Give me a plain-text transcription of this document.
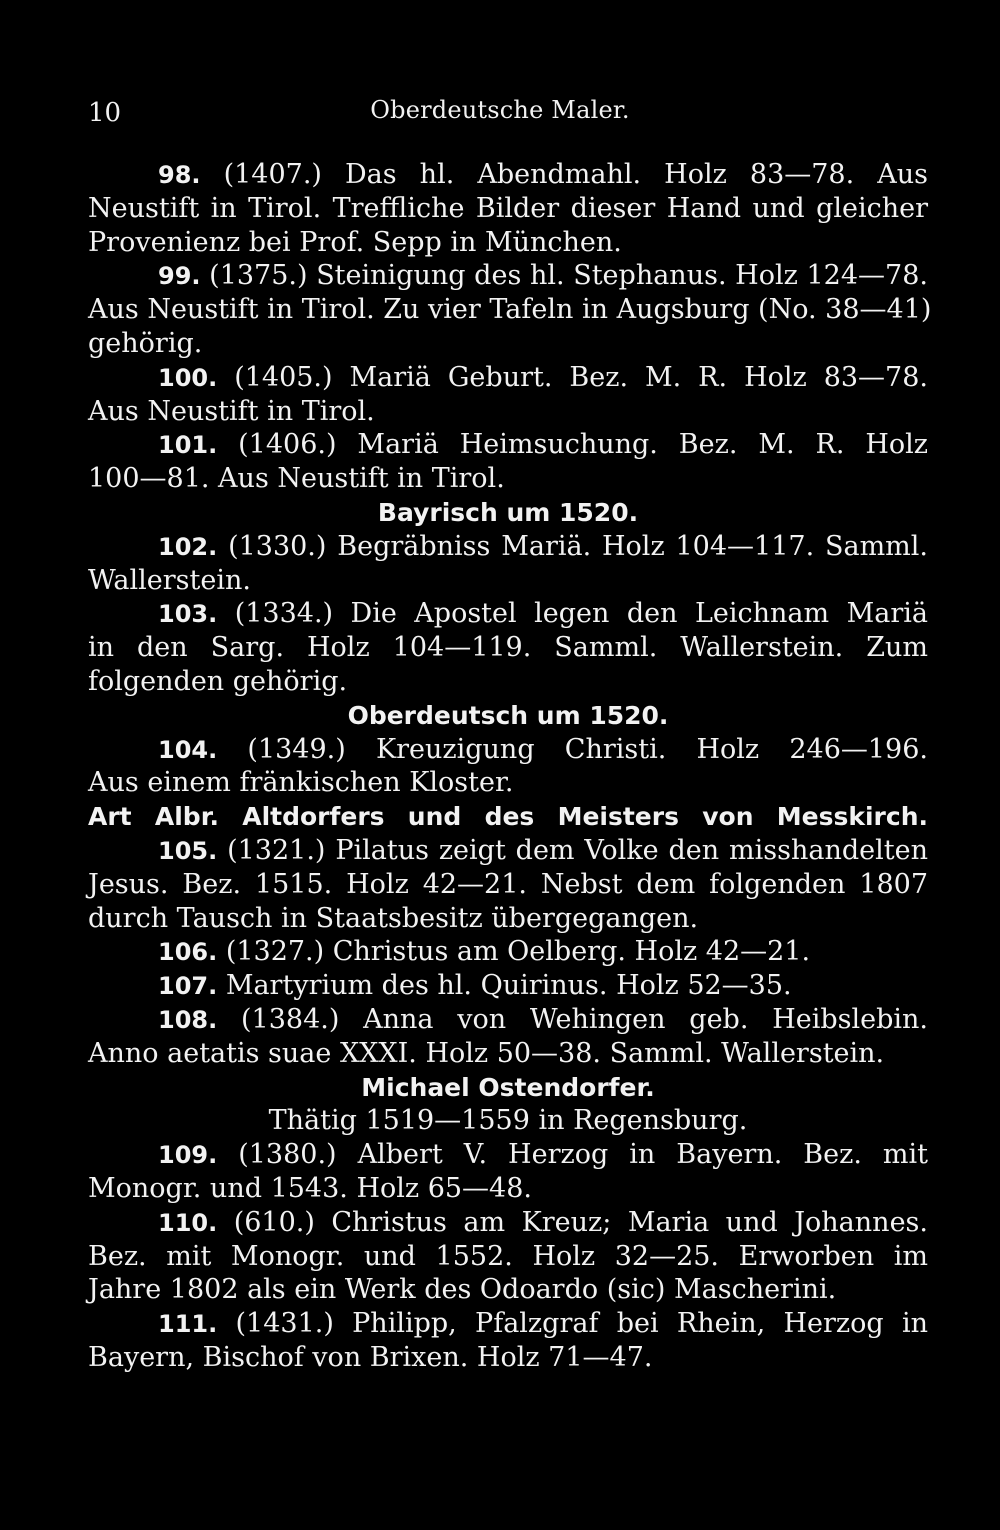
10	Oberdeutsche Maler.
98. (1407.) Das hl. Abendmahl. Holz 83—78. Aus
Neustift in Tirol. Treffliche Bilder dieser Hand und gleicher
Provenienz bei Prof. Sepp in München.
99. (1375.) Steinigung des hl. Stephanus. Holz 124—78.
Aus Neustift in Tirol. Zu vier Tafeln in Augsburg (No. 38—41)
gehörig.
100. (1405.) Mariä Geburt. Bez. M. R. Holz 83—78.
Aus Neustift in Tirol.
101. (1406.) Mariä Heimsuchung. Bez. M. R. Holz
100—81. Aus Neustift in Tirol.
Bayrisch um 1520.
102. (1330.) Begräbniss Mariä. Holz 104—117. Samml.
Wallerstein.
103. (1334.) Die Apostel legen den Leichnam Mariä
in den Sarg. Holz 104—119. Samml. Wallerstein. Zum
folgenden gehörig.
Oberdeutsch um 1520.
104. (1349.) Kreuzigung Christi. Holz 246—196.
Aus einem fränkischen Kloster.
Art Albr. Altdorfers und des Meisters von Messkirch.
105. (1321.) Pilatus zeigt dem Volke den misshandelten
Jesus. Bez. 1515. Holz 42—21. Nebst dem folgenden 1807
durch Tausch in Staatsbesitz übergegangen.
106. (1327.) Christus am Oelberg. Holz 42—21.
107. Martyrium des hl. Quirinus. Holz 52—35.
108. (1384.) Anna von Wehingen geb. Heibslebin.
Anno aetatis suae XXXI. Holz 50—38. Samml. Wallerstein.
Michael Ostendorfer.
Thätig 1519—1559 in Regensburg.
109. (1380.) Albert V. Herzog in Bayern. Bez. mit
Monogr. und 1543. Holz 65—48.
110. (610.) Christus am Kreuz; Maria und Johannes.
Bez. mit Monogr. und 1552. Holz 32—25. Erworben im
Jahre 1802 als ein Werk des Odoardo (sic) Mascherini.
111. (1431.) Philipp, Pfalzgraf bei Rhein, Herzog in
Bayern, Bischof von Brixen. Holz 71—47.
